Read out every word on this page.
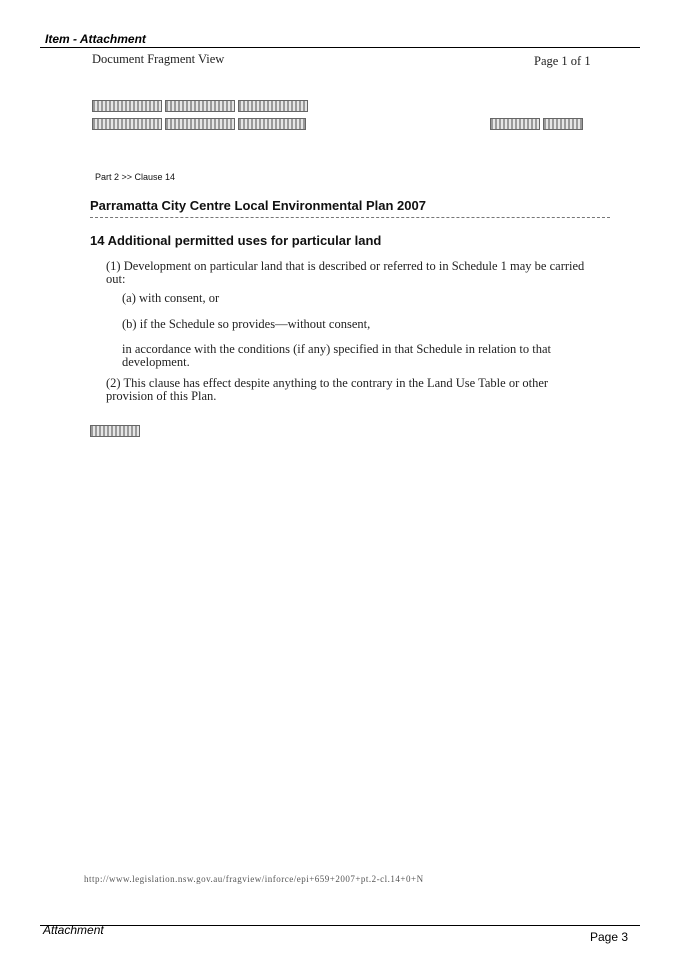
Item - Attachment
Document Fragment View	Page 1 of 1
Part 2 >> Clause 14
Parramatta City Centre Local Environmental Plan 2007
14 Additional permitted uses for particular land
(1) Development on particular land that is described or referred to in Schedule 1 may be carried out:
(a) with consent, or
(b) if the Schedule so provides—without consent,
in accordance with the conditions (if any) specified in that Schedule in relation to that development.
(2) This clause has effect despite anything to the contrary in the Land Use Table or other provision of this Plan.
http://www.legislation.nsw.gov.au/fragview/inforce/epi+659+2007+pt.2-cl.14+0+N
Attachment	Page 3
